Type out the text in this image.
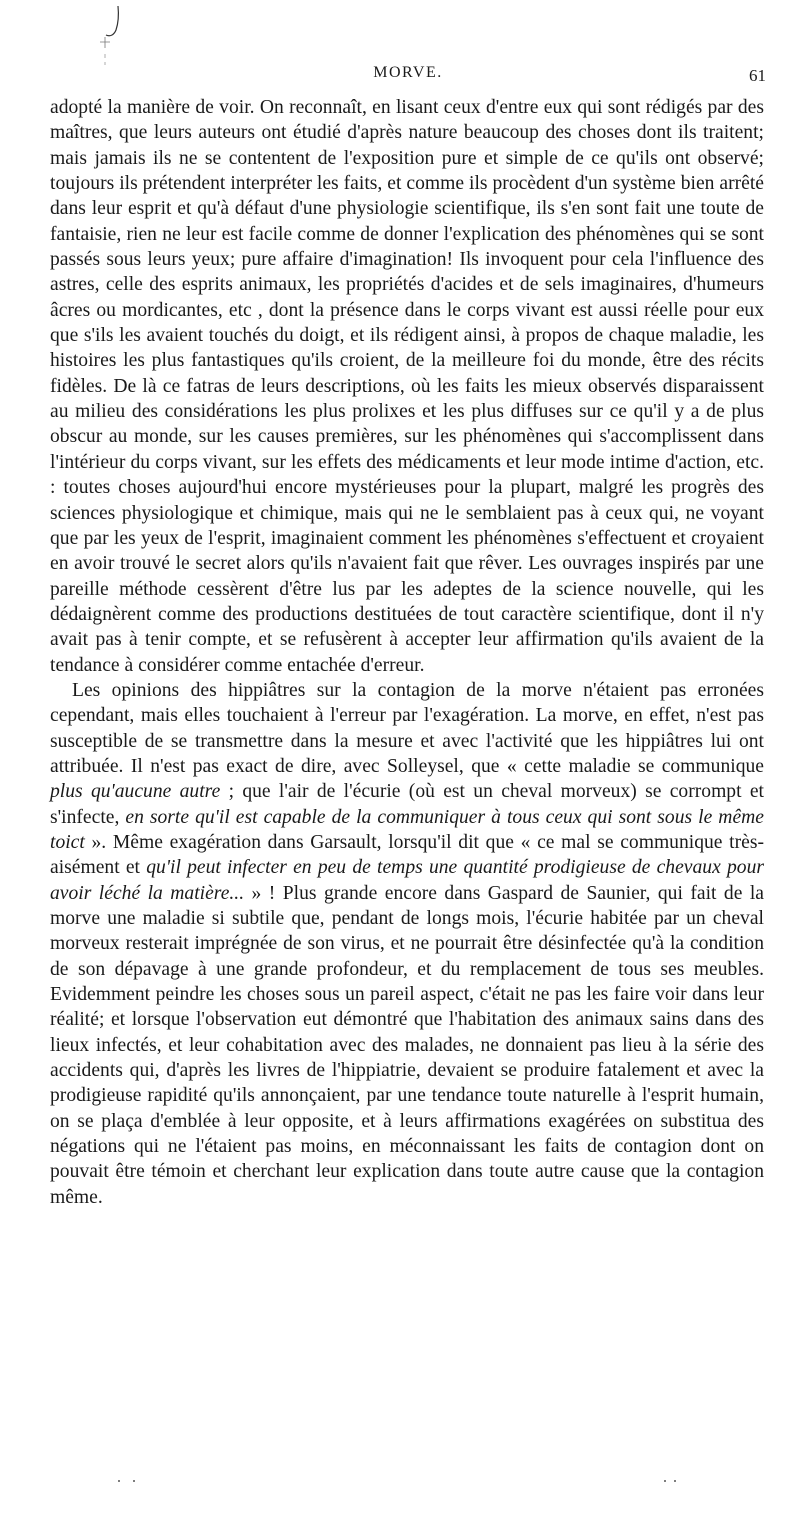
MORVE.	61

adopté la manière de voir. On reconnaît, en lisant ceux d'entre eux qui sont rédigés par des maîtres, que leurs auteurs ont étudié d'après nature beaucoup des choses dont ils traitent; mais jamais ils ne se contentent de l'exposition pure et simple de ce qu'ils ont observé; toujours ils prétendent interpréter les faits, et comme ils procèdent d'un système bien arrêté dans leur esprit et qu'à défaut d'une physiologie scientifique, ils s'en sont fait une toute de fantaisie, rien ne leur est facile comme de donner l'explication des phénomènes qui se sont passés sous leurs yeux; pure affaire d'imagination! Ils invoquent pour cela l'influence des astres, celle des esprits animaux, les propriétés d'acides et de sels imaginaires, d'humeurs âcres ou mordicantes, etc , dont la présence dans le corps vivant est aussi réelle pour eux que s'ils les avaient touchés du doigt, et ils rédigent ainsi, à propos de chaque maladie, les histoires les plus fantastiques qu'ils croient, de la meilleure foi du monde, être des récits fidèles. De là ce fatras de leurs descriptions, où les faits les mieux observés disparaissent au milieu des considérations les plus prolixes et les plus diffuses sur ce qu'il y a de plus obscur au monde, sur les causes premières, sur les phénomènes qui s'accomplissent dans l'intérieur du corps vivant, sur les effets des médicaments et leur mode intime d'action, etc. : toutes choses aujourd'hui encore mystérieuses pour la plupart, malgré les progrès des sciences physiologique et chimique, mais qui ne le semblaient pas à ceux qui, ne voyant que par les yeux de l'esprit, imaginaient comment les phénomènes s'effectuent et croyaient en avoir trouvé le secret alors qu'ils n'avaient fait que rêver. Les ouvrages inspirés par une pareille méthode cessèrent d'être lus par les adeptes de la science nouvelle, qui les dédaignèrent comme des productions destituées de tout caractère scientifique, dont il n'y avait pas à tenir compte, et se refusèrent à accepter leur affirmation qu'ils avaient de la tendance à considérer comme entachée d'erreur.

Les opinions des hippiâtres sur la contagion de la morve n'étaient pas erronées cependant, mais elles touchaient à l'erreur par l'exagération. La morve, en effet, n'est pas susceptible de se transmettre dans la mesure et avec l'activité que les hippiâtres lui ont attribuée. Il n'est pas exact de dire, avec Solleysel, que « cette maladie se communique plus qu'aucune autre ; que l'air de l'écurie (où est un cheval morveux) se corrompt et s'infecte, en sorte qu'il est capable de la communiquer à tous ceux qui sont sous le même toict ». Même exagération dans Garsault, lorsqu'il dit que « ce mal se communique très-aisément et qu'il peut infecter en peu de temps une quantité prodigieuse de chevaux pour avoir léché la matière... » ! Plus grande encore dans Gaspard de Saunier, qui fait de la morve une maladie si subtile que, pendant de longs mois, l'écurie habitée par un cheval morveux resterait imprégnée de son virus, et ne pourrait être désinfectée qu'à la condition de son dépavage à une grande profondeur, et du remplacement de tous ses meubles. Evidemment peindre les choses sous un pareil aspect, c'était ne pas les faire voir dans leur réalité; et lorsque l'observation eut démontré que l'habitation des animaux sains dans des lieux infectés, et leur cohabitation avec des malades, ne donnaient pas lieu à la série des accidents qui, d'après les livres de l'hippiatrie, devaient se produire fatalement et avec la prodigieuse rapidité qu'ils annonçaient, par une tendance toute naturelle à l'esprit humain, on se plaça d'emblée à leur opposite, et à leurs affirmations exagérées on substitua des négations qui ne l'étaient pas moins, en méconnaissant les faits de contagion dont on pouvait être témoin et cherchant leur explication dans toute autre cause que la contagion même.
